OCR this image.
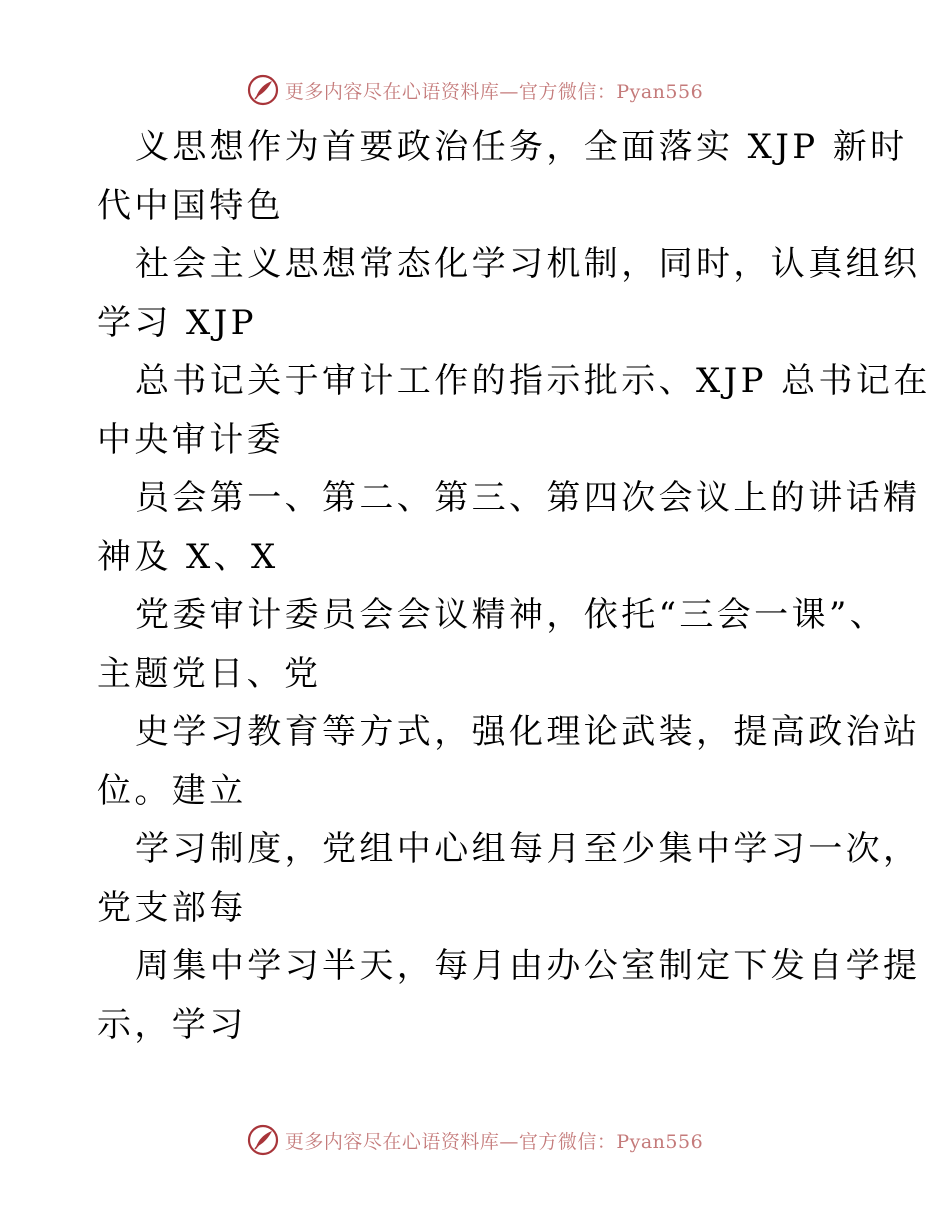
更多内容尽在心语资料库—官方微信：Pyan556
义思想作为首要政治任务，全面落实 XJP 新时
代中国特色
社会主义思想常态化学习机制，同时，认真组织
学习 XJP
总书记关于审计工作的指示批示、XJP 总书记在
中央审计委
员会第一、第二、第三、第四次会议上的讲话精
神及 X、X
党委审计委员会会议精神，依托“三会一课”、
主题党日、党
史学习教育等方式，强化理论武装，提高政治站
位。建立
学习制度，党组中心组每月至少集中学习一次，
党支部每
周集中学习半天，每月由办公室制定下发自学提
示，学习
更多内容尽在心语资料库—官方微信：Pyan556
